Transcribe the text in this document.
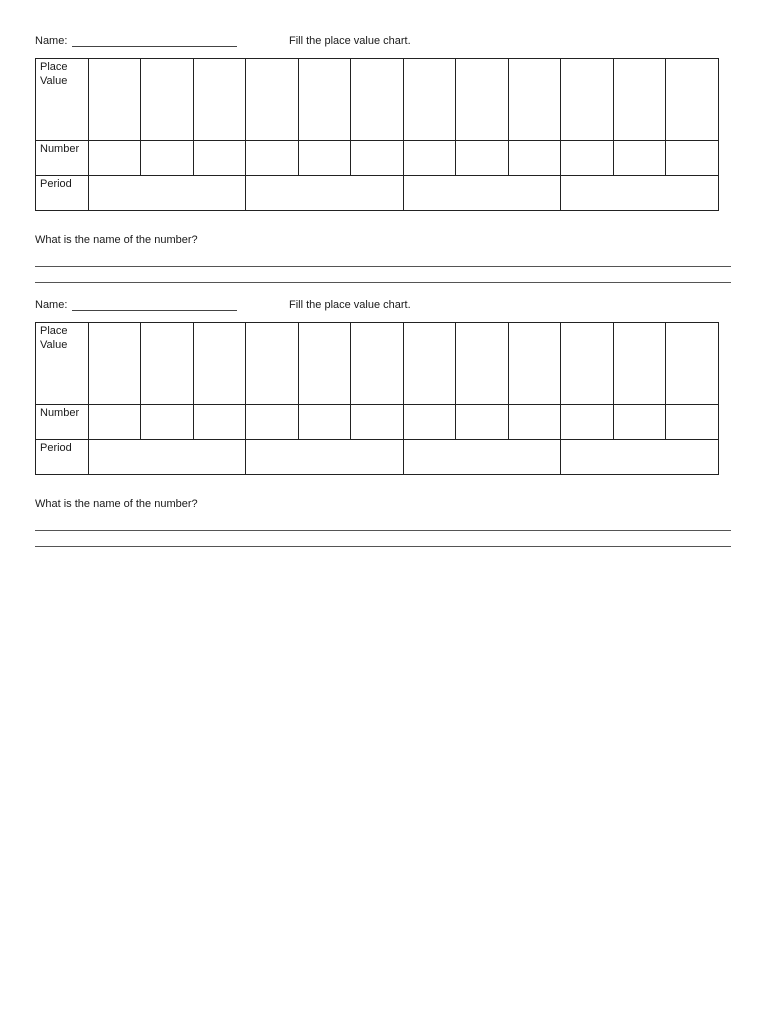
Name:	Fill the place value chart.
Place
Value												
Number												
Period												
What is the name of the number?
Name:	Fill the place value chart.
Place
Value												
Number												
Period												
What is the name of the number?
